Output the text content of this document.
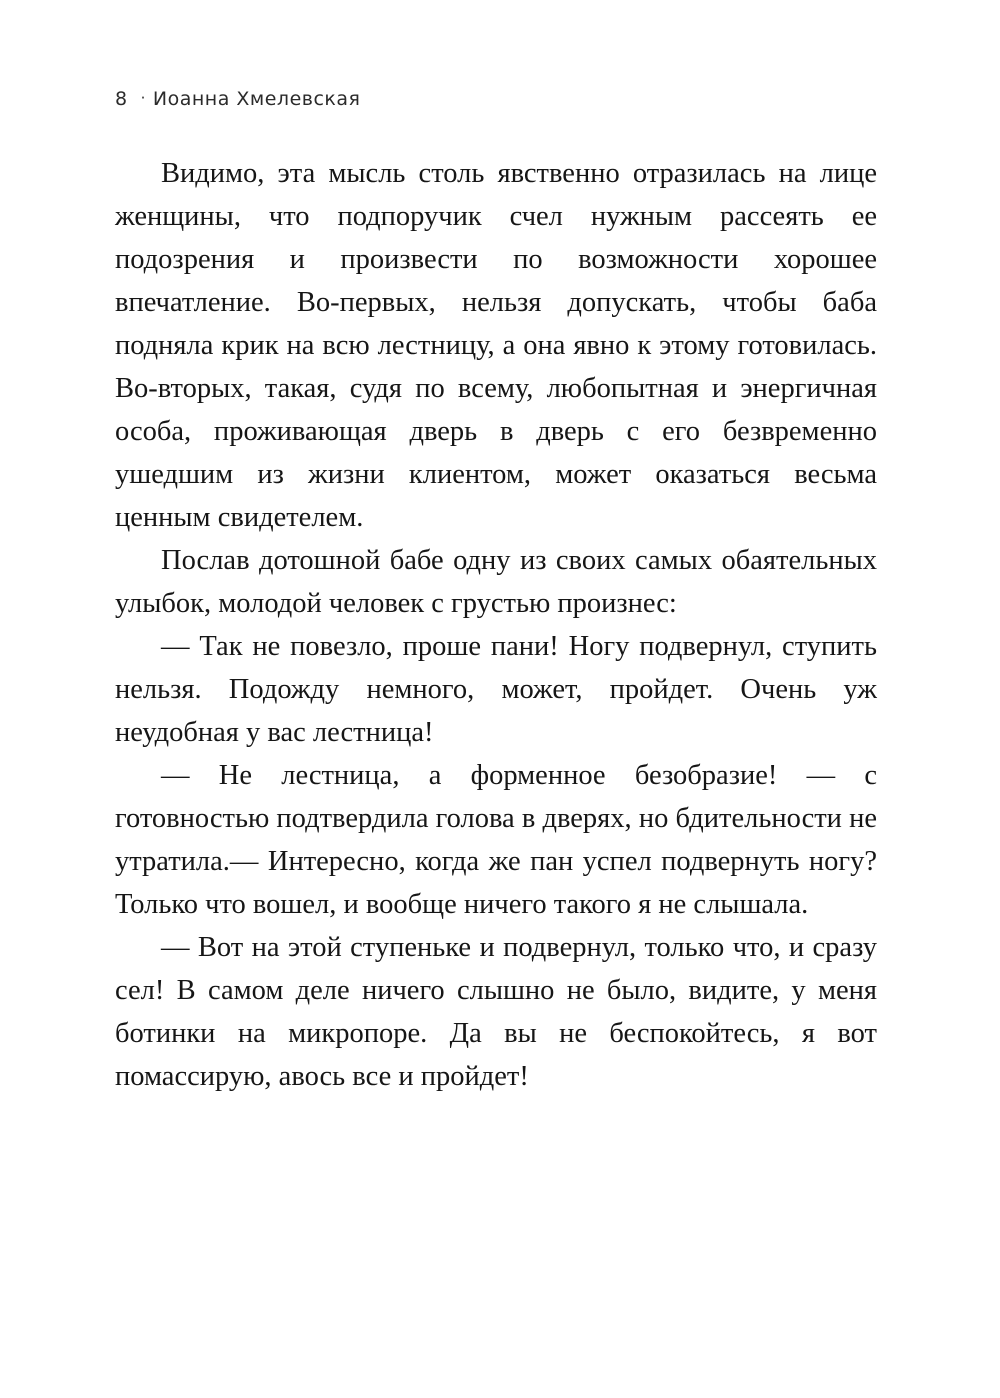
8 · Иоанна Хмелевская

Видимо, эта мысль столь явственно отразилась на лице женщины, что подпоручик счел нужным рассеять ее подозрения и произвести по возможности хорошее впечатление. Во-первых, нельзя допускать, чтобы баба подняла крик на всю лестницу, а она явно к этому готовилась. Во-вторых, такая, судя по всему, любопытная и энергичная особа, проживающая дверь в дверь с его безвременно ушедшим из жизни клиентом, может оказаться весьма ценным свидетелем.

Послав дотошной бабе одну из своих самых обаятельных улыбок, молодой человек с грустью произнес:

— Так не повезло, проше пани! Ногу подвернул, ступить нельзя. Подожду немного, может, пройдет. Очень уж неудобная у вас лестница!

— Не лестница, а форменное безобразие! — с готовностью подтвердила голова в дверях, но бдительности не утратила.— Интересно, когда же пан успел подвернуть ногу? Только что вошел, и вообще ничего такого я не слышала.

— Вот на этой ступеньке и подвернул, только что, и сразу сел! В самом деле ничего слышно не было, видите, у меня ботинки на микропоре. Да вы не беспокойтесь, я вот помассирую, авось все и пройдет!
